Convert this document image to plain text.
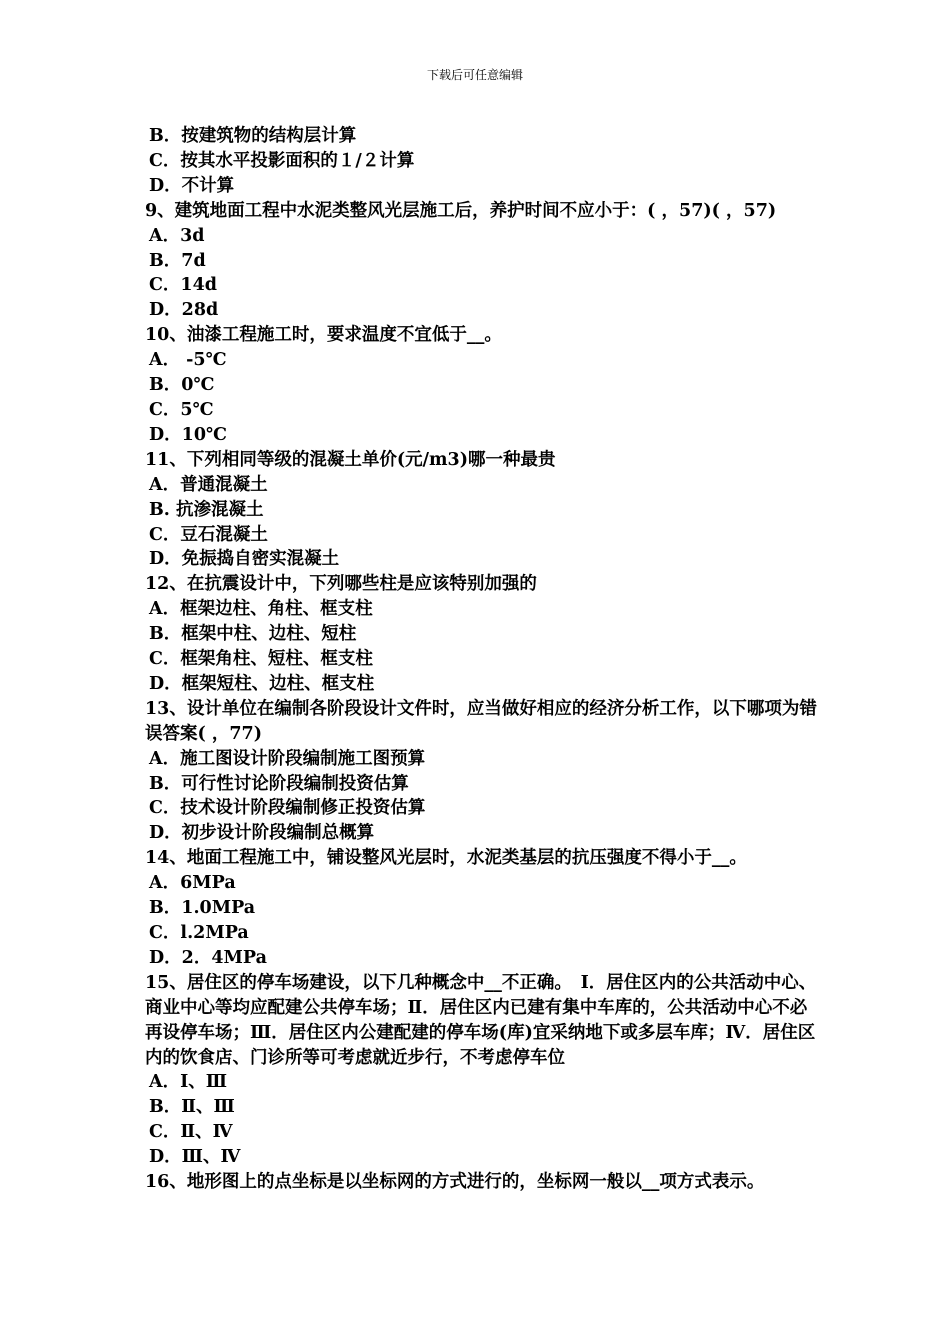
下载后可任意编辑
B．按建筑物的结构层计算
C．按其水平投影面积的１/２计算
D．不计算
9、建筑地面工程中水泥类整风光层施工后，养护时间不应小于：( ，57)( ，57)
A．3d
B．7d
C．14d
D．28d
10、油漆工程施工时，要求温度不宜低于__。
A． -5℃
B．0℃
C．5℃
D．10℃
11、下列相同等级的混凝土单价(元/m3)哪一种最贵
A．普通混凝土
B. 抗渗混凝土
C．豆石混凝土
D．免振捣自密实混凝土
12、在抗震设计中，下列哪些柱是应该特别加强的
A．框架边柱、角柱、框支柱
B．框架中柱、边柱、短柱
C．框架角柱、短柱、框支柱
D．框架短柱、边柱、框支柱
13、设计单位在编制各阶段设计文件时，应当做好相应的经济分析工作，以下哪项为错误答案( ，77)
A．施工图设计阶段编制施工图预算
B．可行性讨论阶段编制投资估算
C．技术设计阶段编制修正投资估算
D．初步设计阶段编制总概算
14、地面工程施工中，铺设整风光层时，水泥类基层的抗压强度不得小于__。
A．6MPa
B．1.0MPa
C．l.2MPa
D．2．4MPa
15、居住区的停车场建设，以下几种概念中__不正确。　Ⅰ．居住区内的公共活动中心、商业中心等均应配建公共停车场；Ⅱ．居住区内已建有集中车库的，公共活动中心不必再设停车场；Ⅲ．居住区内公建配建的停车场(库)宜采纳地下或多层车库；Ⅳ．居住区内的饮食店、门诊所等可考虑就近步行，不考虑停车位
A．Ⅰ、Ⅲ
B．Ⅱ、Ⅲ
C．Ⅱ、Ⅳ
D．Ⅲ、Ⅳ
16、地形图上的点坐标是以坐标网的方式进行的，坐标网一般以__项方式表示。
